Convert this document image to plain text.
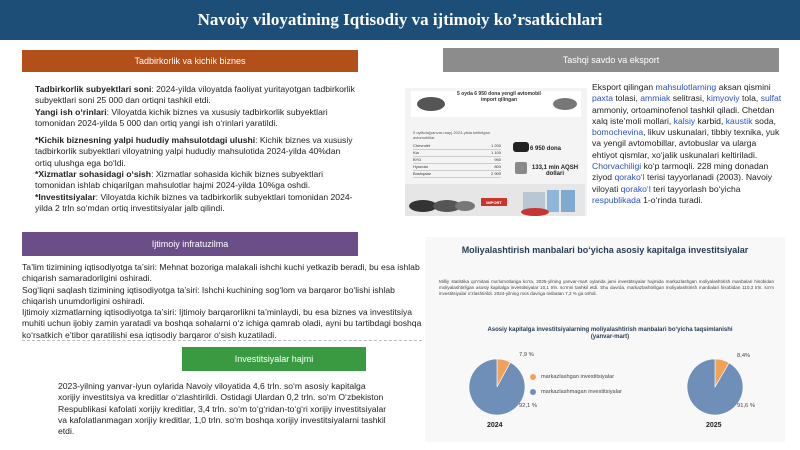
Navoiy viloyatining Iqtisodiy va ijtimoiy ko’rsatkichlari
Tadbirkorlik va kichik biznes

Tadbirkorlik subyektlari soni: 2024-yilda viloyatda faoliyat yuritayotgan tadbirkorlik subyektlari soni 25 000 dan ortiqni tashkil etdi.

Yangi ish o‘rinlari: Viloyatda kichik biznes va xususiy tadbirkorlik subyektlari tomonidan 2024-yilda 5 000 dan ortiq yangi ish o‘rinlari yaratildi.

*Kichik biznesning yalpi hududiy mahsulotdagi ulushi: Kichik biznes va xususiy tadbirkorlik subyektlari viloyatning yalpi hududiy mahsulotida 2024-yilda 40%dan ortiq ulushga ega bo‘ldi.

*Xizmatlar sohasidagi o‘sish: Xizmatlar sohasida kichik biznes subyektlari tomonidan ishlab chiqarilgan mahsulotlar hajmi 2024-yilda 10%ga oshdi.

*Investitsiyalar: Viloyatda kichik biznes va tadbirkorlik subyektlari tomonidan 2024-yilda 2 trln so‘mdan ortiq investitsiyalar jalb qilindi.

Tashqi savdo va eksport
5 oyda 6 950 dona yengil avtomobil import qilingan
5 oylikda(yanvar-may) 2024-yilda keltirilgan avtomobillar
Chevrolet	1 200
Kia	1 100
BYD	950
Hyundai	800
Boshqalar	2 900
6 950 dona
133,1 mln AQSH dollari
IMPORT
Eksport qilingan mahsulotlarning aksan qismini paxta tolasi, ammiak selitrasi, kimyoviy tola, sulfat ammoniy, ortoaminofenol tashkil qiladi. Chetdan xalq iste’moli mollari, kalsiy karbid, kaustik soda, bomochevina, likuv uskunalari, tibbiy texnika, yuk va yengil avtomobillar, avtobuslar va ularga ehtiyot qismlar, xo‘jalik uskunalari keltiriladi. Chorvachiligi ko‘p tarmoqli. 228 ming donadan ziyod qorako‘l terisi tayyorlanadi (2003). Navoiy viloyati qorako‘l teri tayyorlash bo‘yicha respublikada 1-o‘rinda turadi.
Ijtimoiy infratuzilma

Ta’lim tizimining iqtisodiyotga ta’siri: Mehnat bozoriga malakali ishchi kuchi yetkazib beradi, bu esa ishlab chiqarish samaradorligini oshiradi.

Sog‘liqni saqlash tizimining iqtisodiyotga ta’siri: Ishchi kuchining sog‘lom va barqaror bo‘lishi ishlab chiqarish unumdorligini oshiradi.

Ijtimoiy xizmatlarning iqtisodiyotga ta’siri: Ijtimoiy barqarorlikni ta’minlaydi, bu esa biznes va investitsiya muhiti uchun ijobiy zamin yaratadi va boshqa sohalarni o‘z ichiga qamrab oladi, ayni bu tartibdagi boshqa ko‘rsatkich e’tibor qaratilishi esa iqtisodiy barqaror o‘sish kuzatiladi.

Investitsiyalar hajmi
2023-yilning yanvar-iyun oylarida Navoiy viloyatida 4,6 trln. so‘m asosiy kapitalga xorijiy investitsiya va kreditlar o‘zlashtirildi. Ostidagi Ulardan 0,2 trln. so‘m O‘zbekiston Respublikasi kafolati xorijiy kreditlar, 3,4 trln. so‘m to‘g‘ridan-to‘g‘ri xorijiy investitsiyalar va kafolatlanmagan xorijiy kreditlar, 1,0 trln. so‘m boshqa xorijiy investitsiyalarni tashkil etdi.
Moliyalashtirish manbalari bo‘yicha asosiy kapitalga investitsiyalar
Milliy statistika qo‘mitasi ma’lumotlariga ko‘ra, 2025-yilning yanvar-mart oylarida jami investitsiyalar hajmida markazlashgan moliyalashtirish manbalari hisobidan moliyalashtirilgan asosiy kapitalga investitsiyalar 10,1 trln. so‘mni tashkil etdi. Shu davrda, markazlashtirilgan moliyalashtirish manbalari hisobidan 110,3 trln. so‘m investitsiyalar o‘zlashtirildi. 2024-yilning mos davriga nisbatan 7,2 % ga oshdi.
Asosiy kapitalga investitsiyalarning moliyalashtirish manbalari bo‘yicha taqsimlanishi (yanvar-mart)
markazlashgan investitsiyalar
markazlashmagan investitsiyalar
7,9 %
92,1 %
8,4%
91,6 %
2024	2025
